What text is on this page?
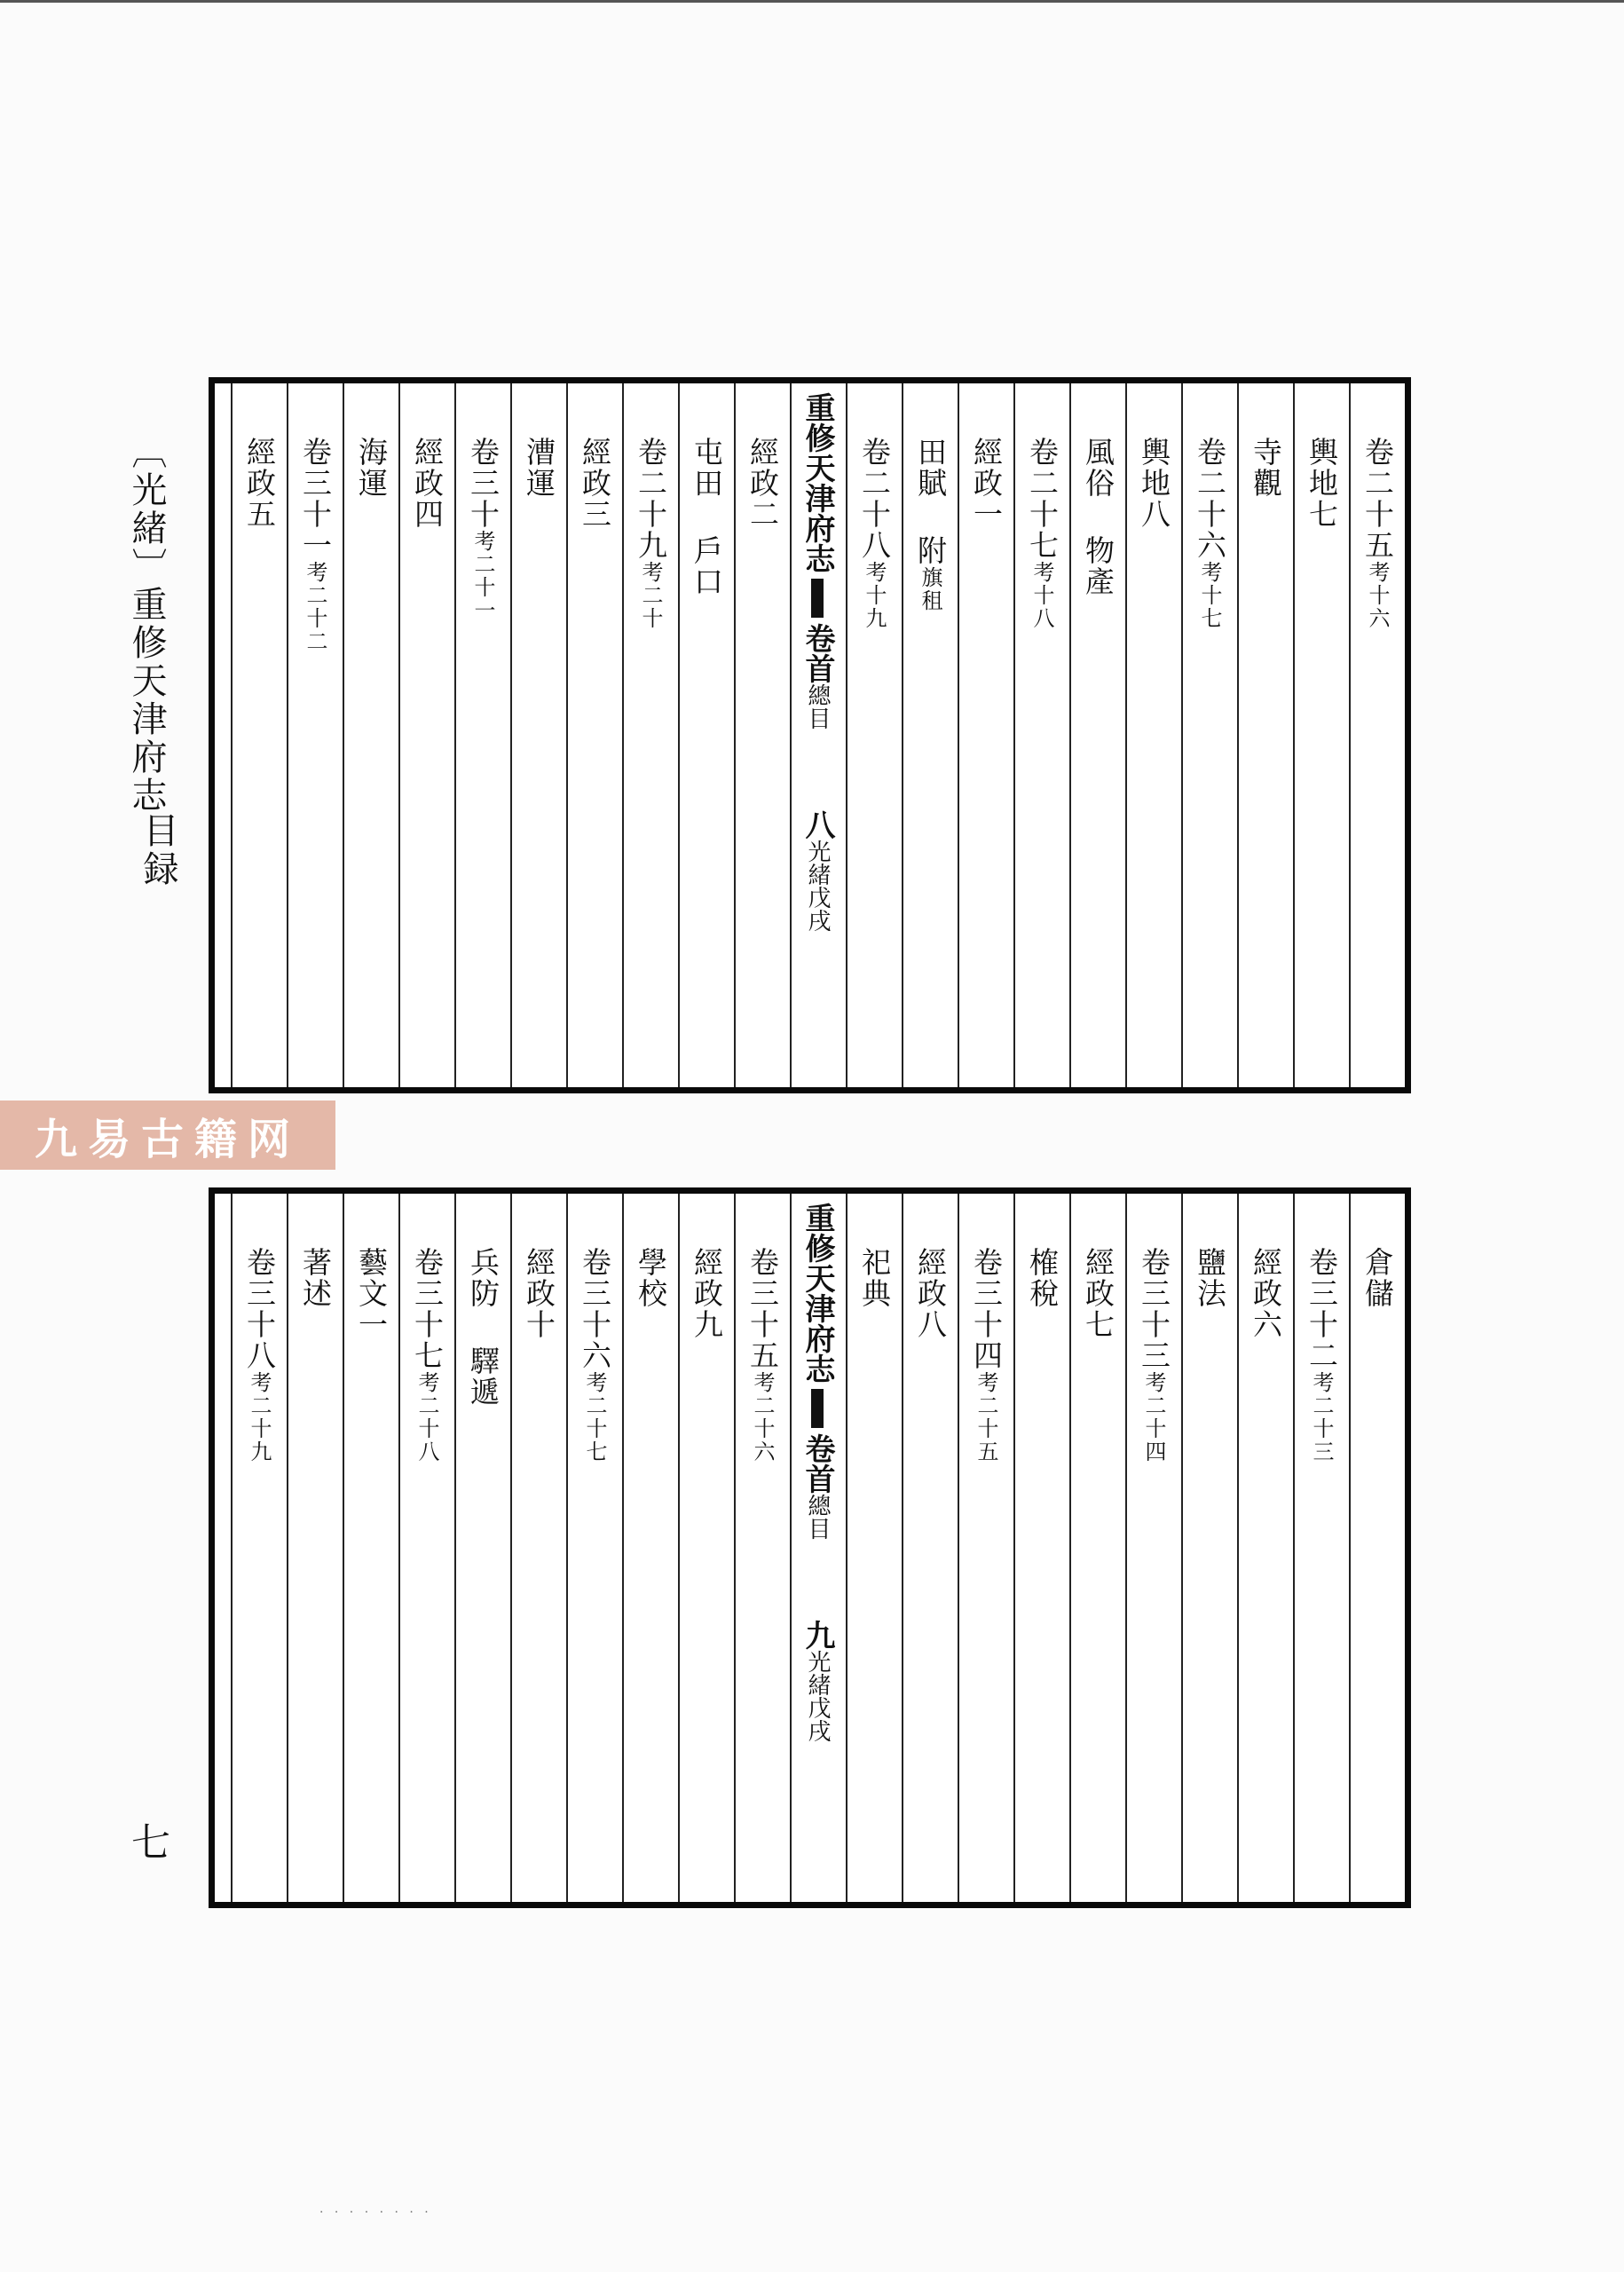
〔光緒〕重修天津府志
目録
七
九易古籍网
卷二十五考十六
輿地七
寺觀
卷二十六考十七
輿地八
風俗 物產
卷二十七考十八
經政一
田賦 附旗租
卷二十八考十九
重修天津府志卷首總目八光緒戊戌
經政二
屯田 戶口
卷二十九考二十
經政三
漕運
卷三十考二十一
經政四
海運
卷三十一考二十二
經政五
倉儲
卷三十二考二十三
經政六
鹽法
卷三十三考二十四
經政七
榷稅
卷三十四考二十五
經政八
祀典
重修天津府志卷首總目九光緒戊戌
卷三十五考二十六
經政九
學校
卷三十六考二十七
經政十
兵防 驛遞
卷三十七考二十八
藝文一
著述
卷三十八考二十九
· · · · · · · ·
